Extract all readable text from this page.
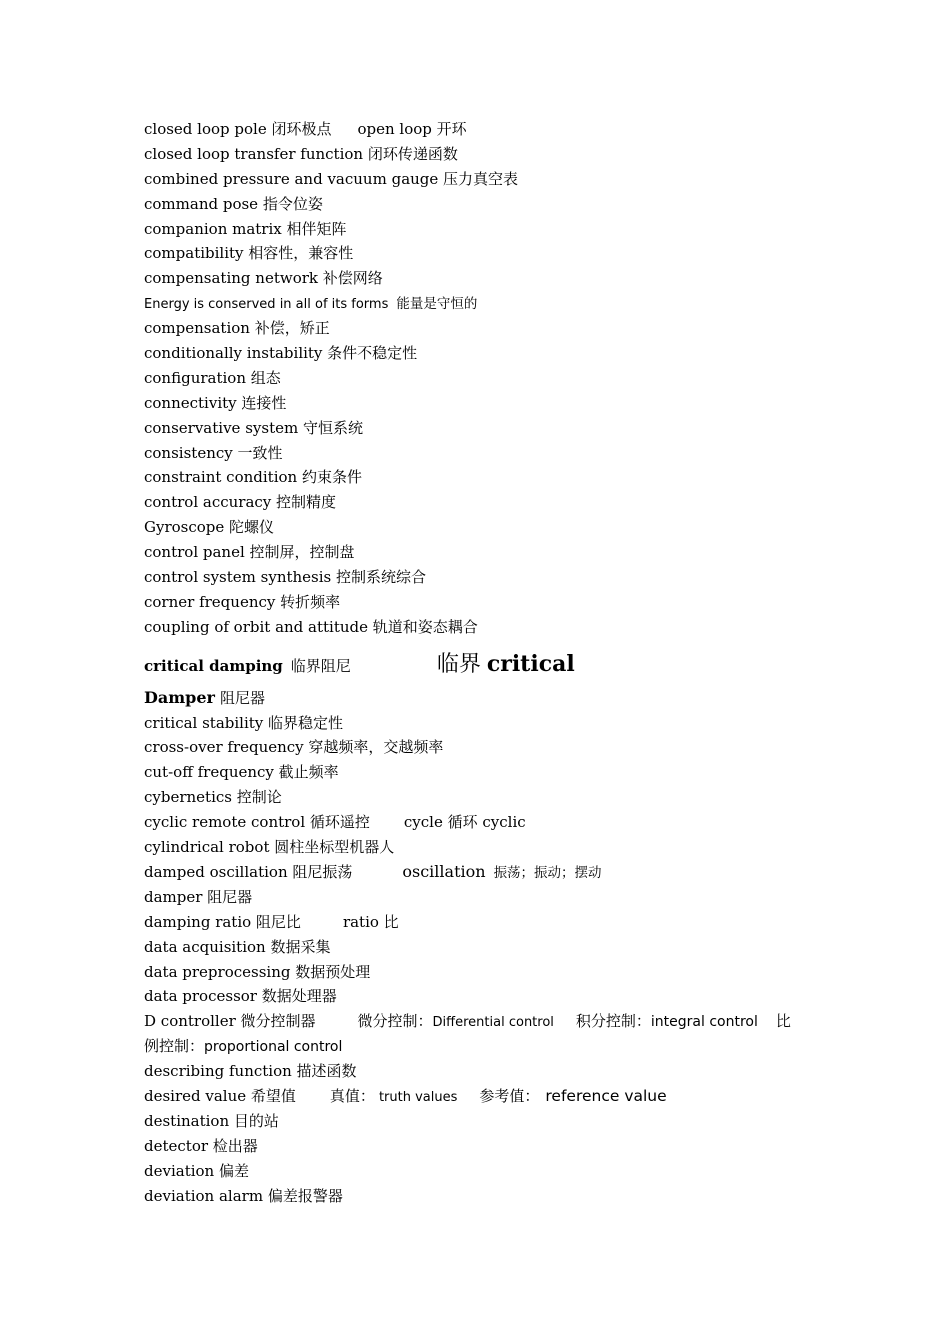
closed loop pole 闭环极点 open loop 开环
closed loop transfer function 闭环传递函数
combined pressure and vacuum gauge 压力真空表
command pose 指令位姿
companion matrix 相伴矩阵
compatibility 相容性，兼容性
compensating network 补偿网络
Energy is conserved in all of its forms 能量是守恒的
compensation 补偿，矫正
conditionally instability 条件不稳定性
configuration 组态
connectivity 连接性
conservative system 守恒系统
consistency 一致性
constraint condition 约束条件
control accuracy 控制精度
Gyroscope 陀螺仪
control panel 控制屏，控制盘
control system synthesis 控制系统综合
corner frequency 转折频率
coupling of orbit and attitude 轨道和姿态耦合
critical damping 临界阻尼	临界 critical
Damper 阻尼器
critical stability 临界稳定性
cross-over frequency 穿越频率，交越频率
cut-off frequency 截止频率
cybernetics 控制论
cyclic remote control 循环遥控 cycle 循环 cyclic
cylindrical robot 圆柱坐标型机器人
damped oscillation 阻尼振荡	oscillation 振荡；振动；摆动
damper 阻尼器
damping ratio 阻尼比	ratio 比
data acquisition 数据采集
data preprocessing 数据预处理
data processor 数据处理器
D controller 微分控制器	微分控制：Differential control 积分控制：integral control 比
例控制：proportional control
describing function 描述函数
desired value 希望值 真值： truth values 参考值： reference value
destination 目的站
detector 检出器
deviation 偏差
deviation alarm 偏差报警器
